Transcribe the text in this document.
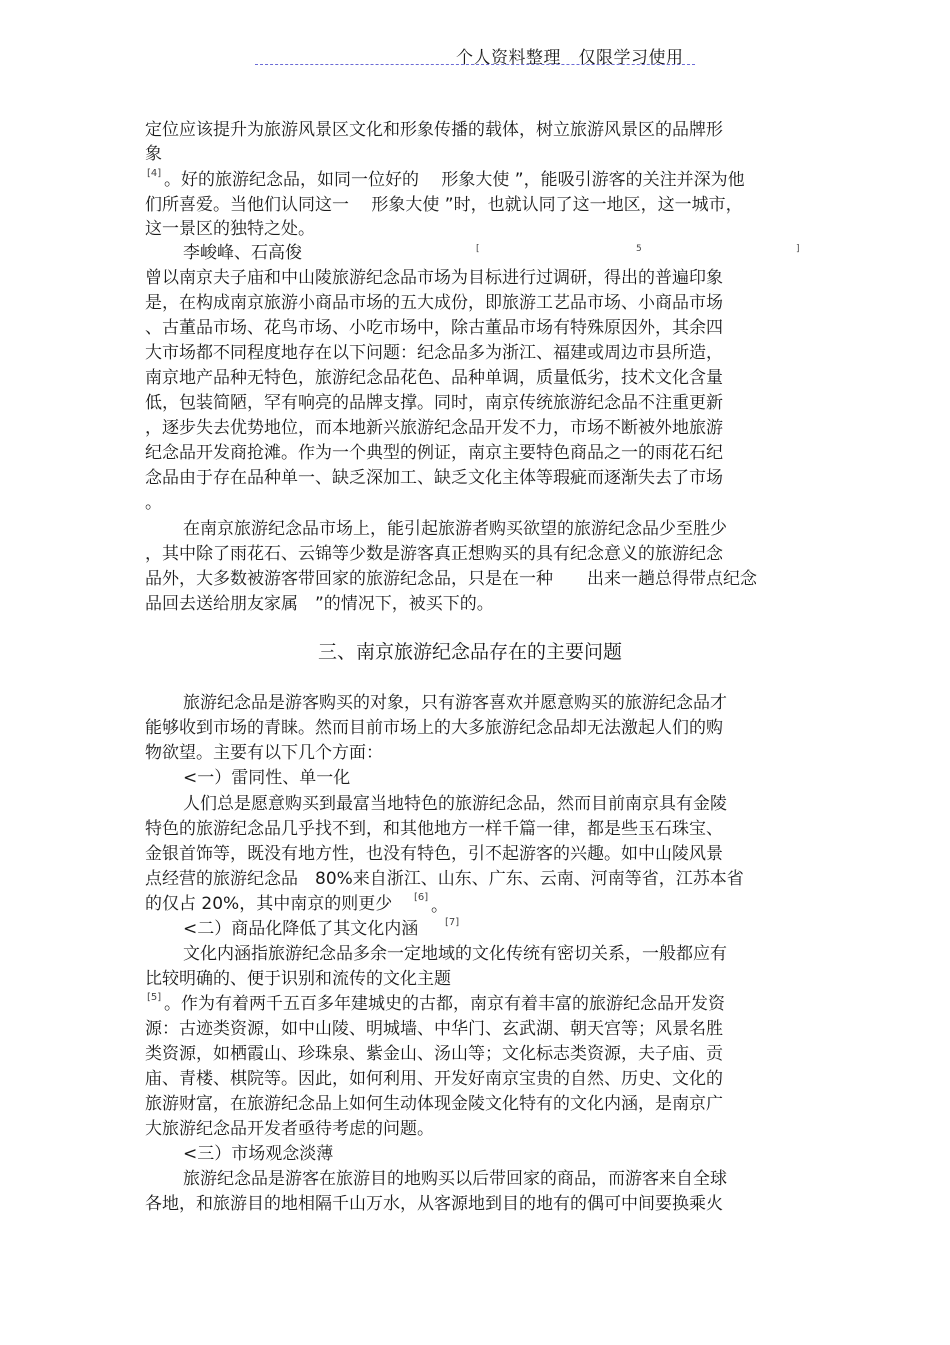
个人资料整理　仅限学习使用
定位应该提升为旅游风景区文化和形象传播的载体，树立旅游风景区的品牌形
象
[4] 。好的旅游纪念品，如同一位好的　 形象大使 ”，能吸引游客的关注并深为他
们所喜爱。当他们认同这一　 形象大使 ”时，也就认同了这一地区，这一城市，
这一景区的独特之处。
李峻峰、石高俊	[	5	]
曾以南京夫子庙和中山陵旅游纪念品市场为目标进行过调研，得出的普遍印象
是，在构成南京旅游小商品市场的五大成份，即旅游工艺品市场、小商品市场
、古董品市场、花鸟市场、小吃市场中，除古董品市场有特殊原因外，其余四
大市场都不同程度地存在以下问题：纪念品多为浙江、福建或周边市县所造，
南京地产品种无特色，旅游纪念品花色、品种单调，质量低劣，技术文化含量
低，包装简陋，罕有响亮的品牌支撑。同时，南京传统旅游纪念品不注重更新
，逐步失去优势地位，而本地新兴旅游纪念品开发不力，市场不断被外地旅游
纪念品开发商抢滩。作为一个典型的例证，南京主要特色商品之一的雨花石纪
念品由于存在品种单一、缺乏深加工、缺乏文化主体等瑕疵而逐渐失去了市场
。
在南京旅游纪念品市场上，能引起旅游者购买欲望的旅游纪念品少至胜少
，其中除了雨花石、云锦等少数是游客真正想购买的具有纪念意义的旅游纪念
品外，大多数被游客带回家的旅游纪念品，只是在一种　　出来一趟总得带点纪念
品回去送给朋友家属　”的情况下，被买下的。
三、南京旅游纪念品存在的主要问题
旅游纪念品是游客购买的对象，只有游客喜欢并愿意购买的旅游纪念品才
能够收到市场的青睐。然而目前市场上的大多旅游纪念品却无法激起人们的购
物欲望。主要有以下几个方面：
<一）雷同性、单一化
人们总是愿意购买到最富当地特色的旅游纪念品，然而目前南京具有金陵
特色的旅游纪念品几乎找不到，和其他地方一样千篇一律，都是些玉石珠宝、
金银首饰等，既没有地方性，也没有特色，引不起游客的兴趣。如中山陵风景
点经营的旅游纪念品　80%来自浙江、山东、广东、云南、河南等省，江苏本省
的仅占 20%，其中南京的则更少 [6] 。
<二）商品化降低了其文化内涵	[7]
文化内涵指旅游纪念品多余一定地域的文化传统有密切关系，一般都应有
比较明确的、便于识别和流传的文化主题
[5] 。作为有着两千五百多年建城史的古都，南京有着丰富的旅游纪念品开发资
源：古迹类资源，如中山陵、明城墙、中华门、玄武湖、朝天宫等；风景名胜
类资源，如栖霞山、珍珠泉、紫金山、汤山等；文化标志类资源，夫子庙、贡
庙、青楼、棋院等。因此，如何利用、开发好南京宝贵的自然、历史、文化的
旅游财富，在旅游纪念品上如何生动体现金陵文化特有的文化内涵，是南京广
大旅游纪念品开发者亟待考虑的问题。
<三）市场观念淡薄
旅游纪念品是游客在旅游目的地购买以后带回家的商品，而游客来自全球
各地，和旅游目的地相隔千山万水，从客源地到目的地有的偶可中间要换乘火
